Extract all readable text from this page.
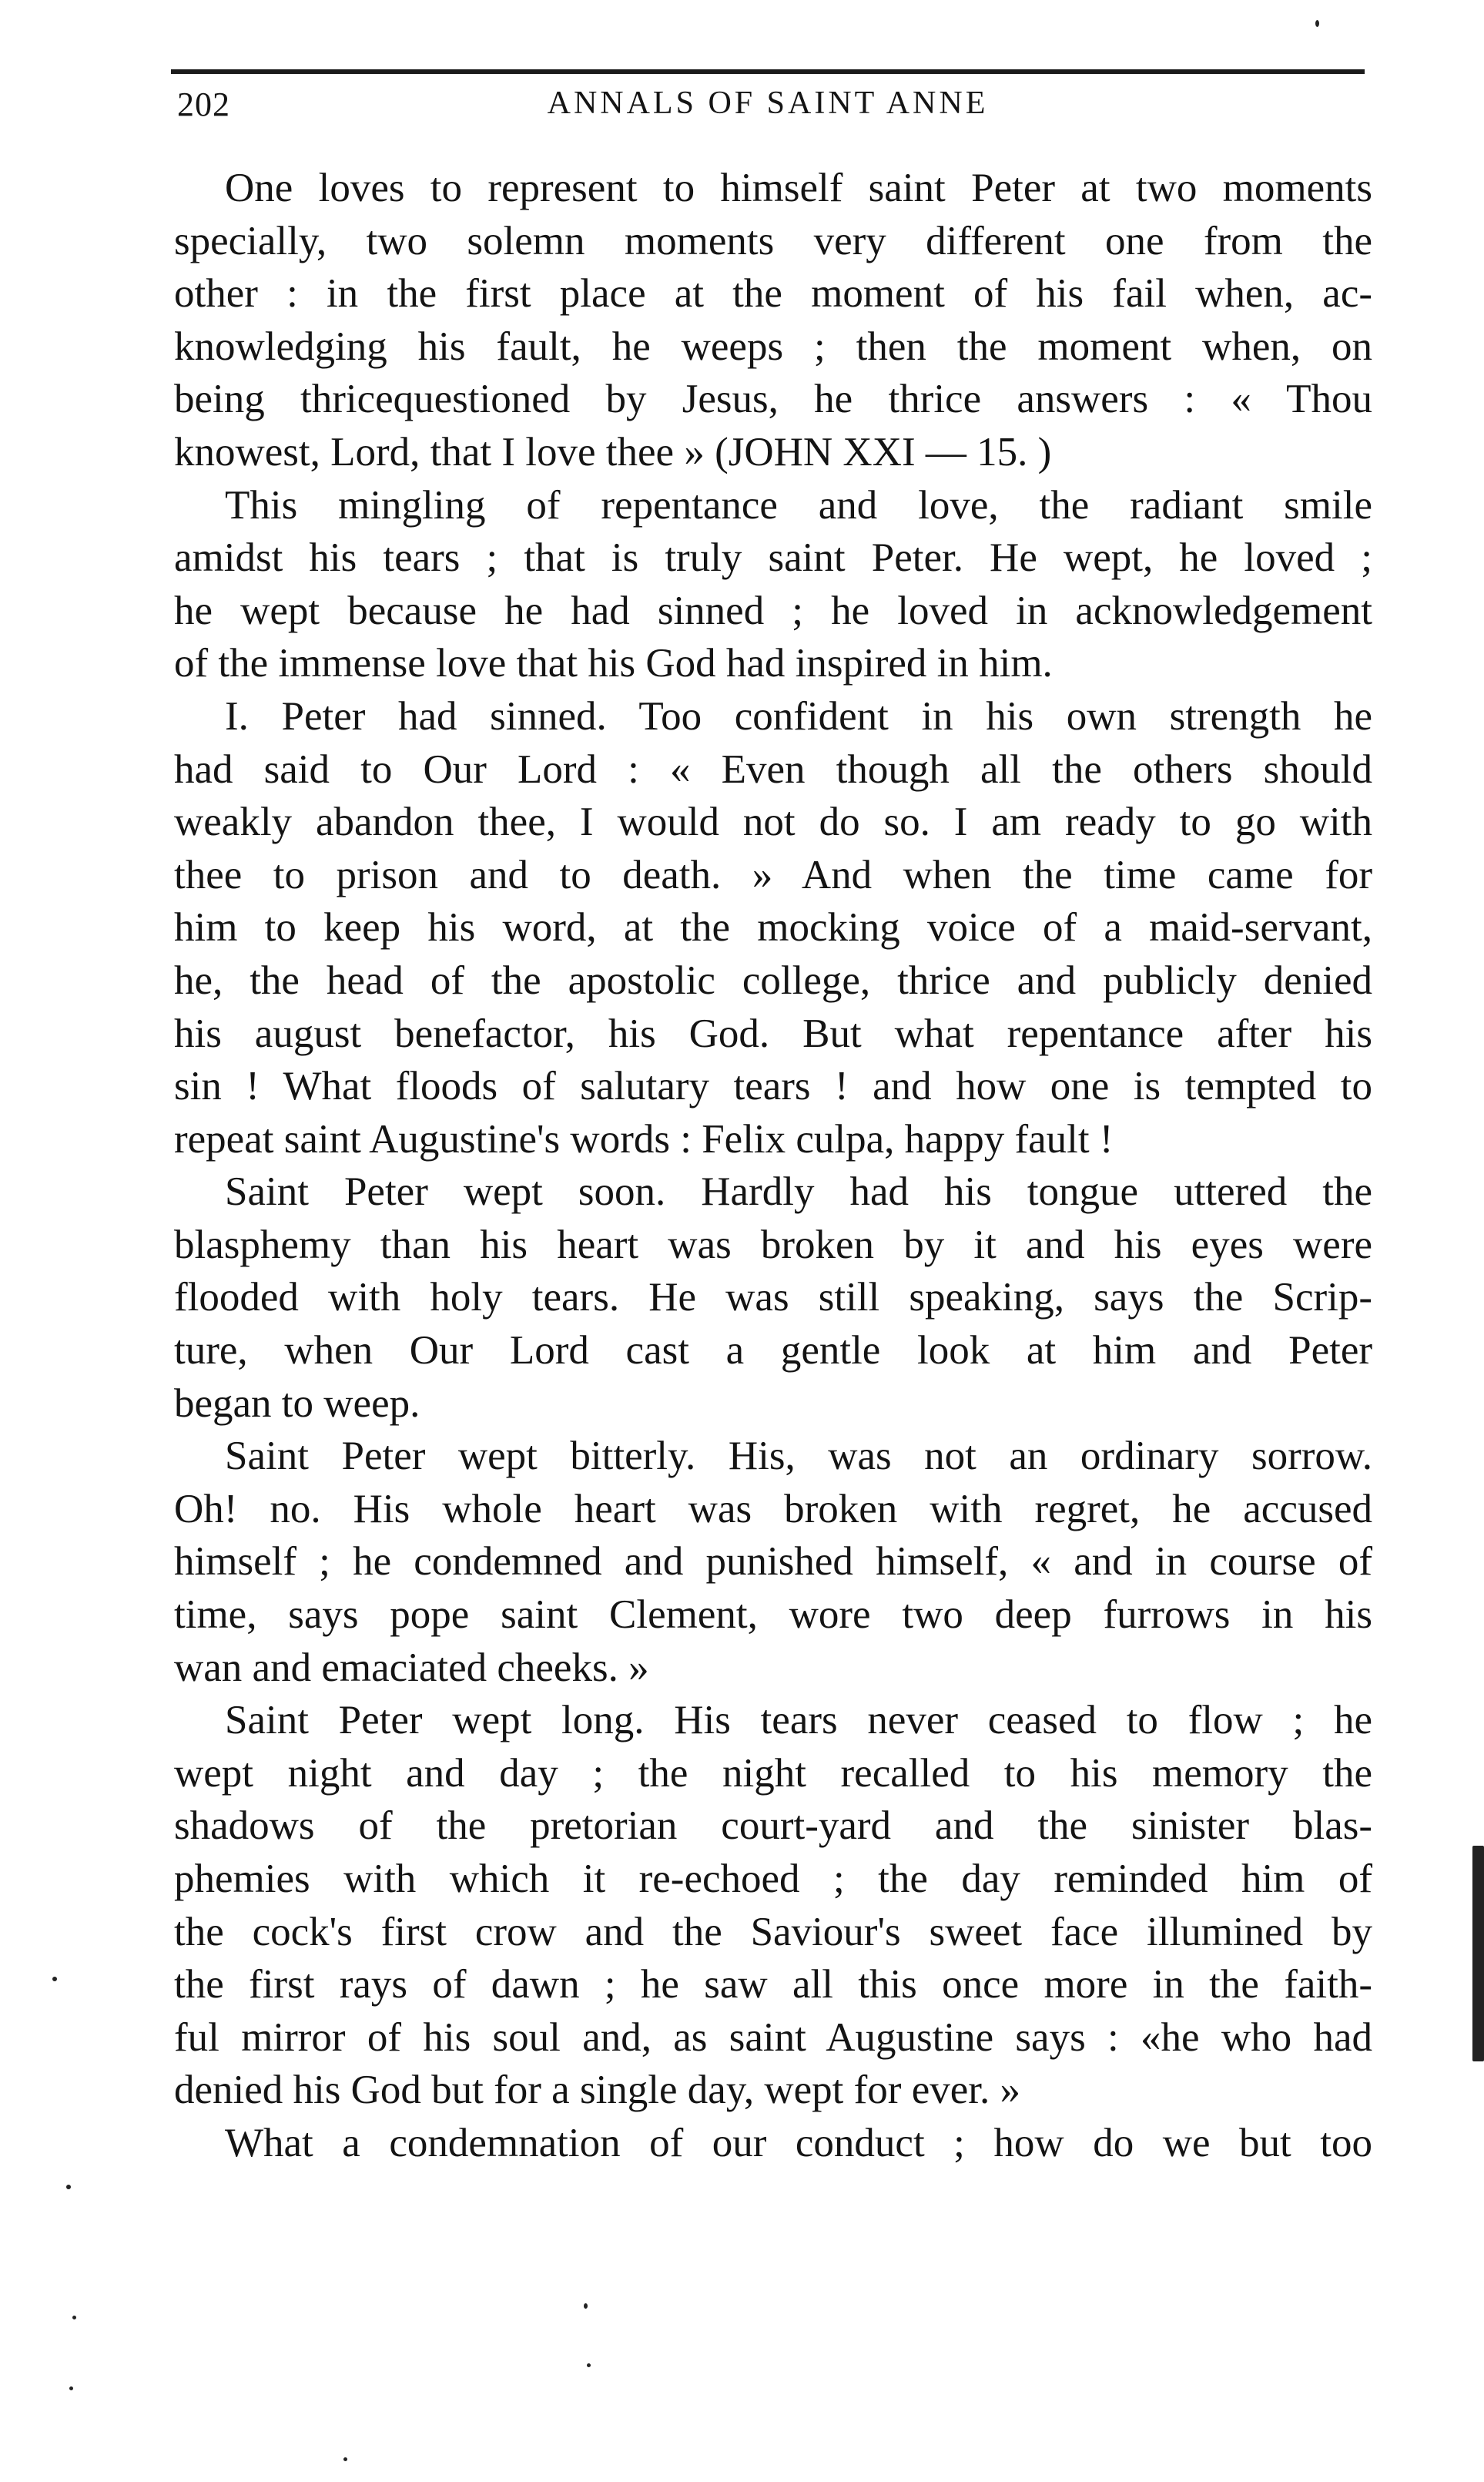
202	ANNALS OF SAINT ANNE
One loves to represent to himself saint Peter at two moments
specially, two solemn moments very different one from the
other : in the first place at the moment of his fail when, ac-
knowledging his fault, he weeps ; then the moment when, on
being thricequestioned by Jesus, he thrice answers : « Thou
knowest, Lord, that I love thee » (JOHN XXI — 15. )
This mingling of repentance and love, the radiant smile
amidst his tears ; that is truly saint Peter. He wept, he loved ;
he wept because he had sinned ; he loved in acknowledgement
of the immense love that his God had inspired in him.
I. Peter had sinned. Too confident in his own strength he
had said to Our Lord : « Even though all the others should
weakly abandon thee, I would not do so. I am ready to go with
thee to prison and to death. » And when the time came for
him to keep his word, at the mocking voice of a maid-servant,
he, the head of the apostolic college, thrice and publicly denied
his august benefactor, his God. But what repentance after his
sin ! What floods of salutary tears ! and how one is tempted to
repeat saint Augustine's words : Felix culpa, happy fault !
Saint Peter wept soon. Hardly had his tongue uttered the
blasphemy than his heart was broken by it and his eyes were
flooded with holy tears. He was still speaking, says the Scrip-
ture, when Our Lord cast a gentle look at him and Peter
began to weep.
Saint Peter wept bitterly. His, was not an ordinary sorrow.
Oh! no. His whole heart was broken with regret, he accused
himself ; he condemned and punished himself, « and in course of
time, says pope saint Clement, wore two deep furrows in his
wan and emaciated cheeks. »
Saint Peter wept long. His tears never ceased to flow ; he
wept night and day ; the night recalled to his memory the
shadows of the pretorian court-yard and the sinister blas-
phemies with which it re-echoed ; the day reminded him of
the cock's first crow and the Saviour's sweet face illumined by
the first rays of dawn ; he saw all this once more in the faith-
ful mirror of his soul and, as saint Augustine says : «he who had
denied his God but for a single day, wept for ever. »
What a condemnation of our conduct ; how do we but too
